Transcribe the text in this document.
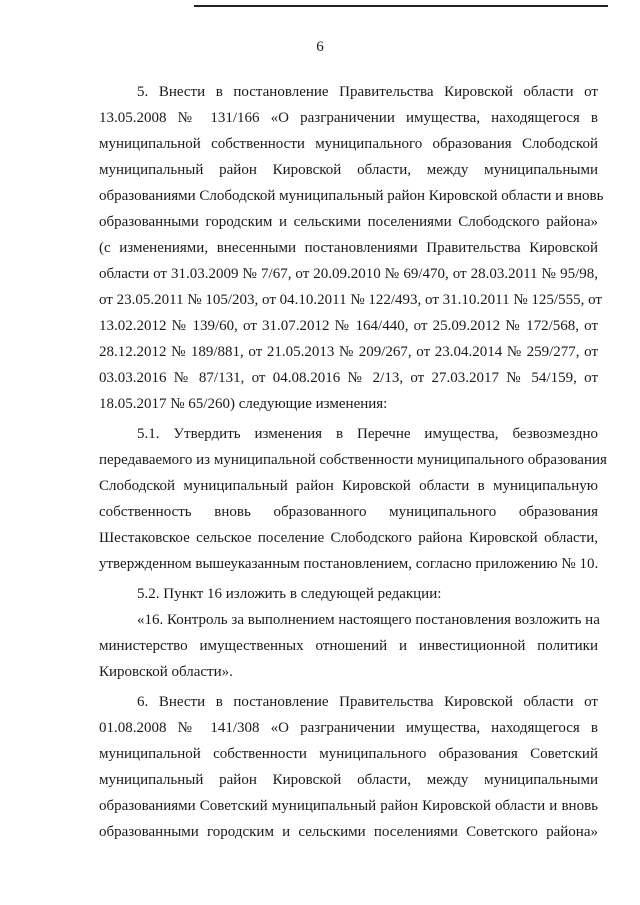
6
5. Внести в постановление Правительства Кировской области от
13.05.2008 № 131/166 «О разграничении имущества, находящегося в
муниципальной собственности муниципального образования Слободской
муниципальный район Кировской области, между муниципальными
образованиями Слободской муниципальный район Кировской области и вновь
образованными городским и сельскими поселениями Слободского района»
(с изменениями, внесенными постановлениями Правительства Кировской
области от 31.03.2009 № 7/67, от 20.09.2010 № 69/470, от 28.03.2011 № 95/98,
от 23.05.2011 № 105/203, от 04.10.2011 № 122/493, от 31.10.2011 № 125/555, от
13.02.2012 № 139/60, от 31.07.2012 № 164/440, от 25.09.2012 № 172/568, от
28.12.2012 № 189/881, от 21.05.2013 № 209/267, от 23.04.2014 № 259/277, от
03.03.2016 № 87/131, от 04.08.2016 № 2/13, от 27.03.2017 № 54/159, от
18.05.2017 № 65/260) следующие изменения:
5.1. Утвердить изменения в Перечне имущества, безвозмездно
передаваемого из муниципальной собственности муниципального образования
Слободской муниципальный район Кировской области в муниципальную
собственность вновь образованного муниципального образования
Шестаковское сельское поселение Слободского района Кировской области,
утвержденном вышеуказанным постановлением, согласно приложению № 10.
5.2. Пункт 16 изложить в следующей редакции:
«16. Контроль за выполнением настоящего постановления возложить на
министерство имущественных отношений и инвестиционной политики
Кировской области».
6. Внести в постановление Правительства Кировской области от
01.08.2008 № 141/308 «О разграничении имущества, находящегося в
муниципальной собственности муниципального образования Советский
муниципальный район Кировской области, между муниципальными
образованиями Советский муниципальный район Кировской области и вновь
образованными городским и сельскими поселениями Советского района»
